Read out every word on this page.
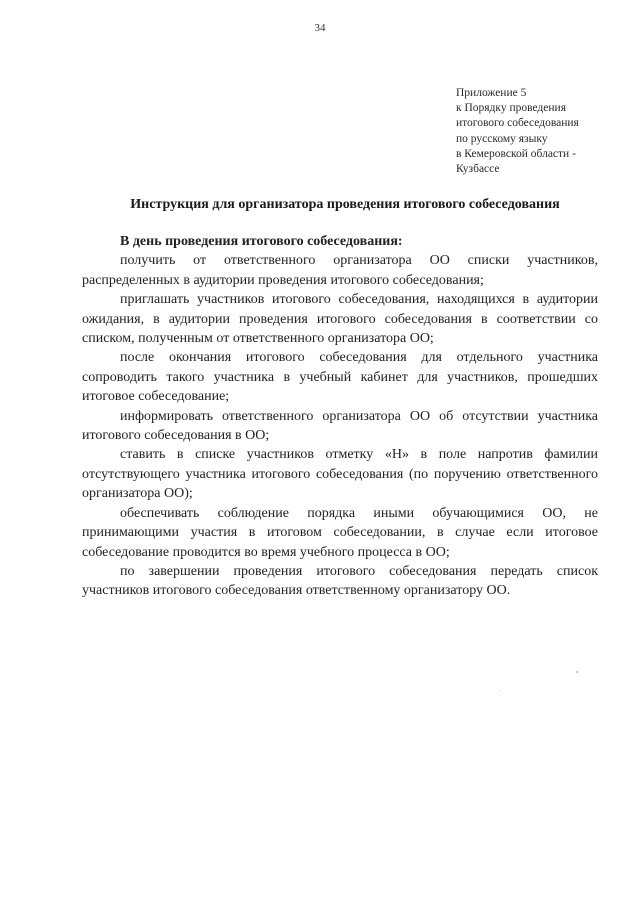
34
Приложение 5
к Порядку проведения
итогового собеседования
по русскому языку
в Кемеровской области -
Кузбассе
Инструкция для организатора проведения итогового собеседования

В день проведения итогового собеседования:

получить от ответственного организатора ОО списки участников, распределенных в аудитории проведения итогового собеседования;

приглашать участников итогового собеседования, находящихся в аудитории ожидания, в аудитории проведения итогового собеседования в соответствии со списком, полученным от ответственного организатора ОО;

после окончания итогового собеседования для отдельного участника сопроводить такого участника в учебный кабинет для участников, прошедших итоговое собеседование;

информировать ответственного организатора ОО об отсутствии участника итогового собеседования в ОО;

ставить в списке участников отметку «Н» в поле напротив фамилии отсутствующего участника итогового собеседования (по поручению ответственного организатора ОО);

обеспечивать соблюдение порядка иными обучающимися ОО, не принимающими участия в итоговом собеседовании, в случае если итоговое собеседование проводится во время учебного процесса в ОО;

по завершении проведения итогового собеседования передать список участников итогового собеседования ответственному организатору ОО.
